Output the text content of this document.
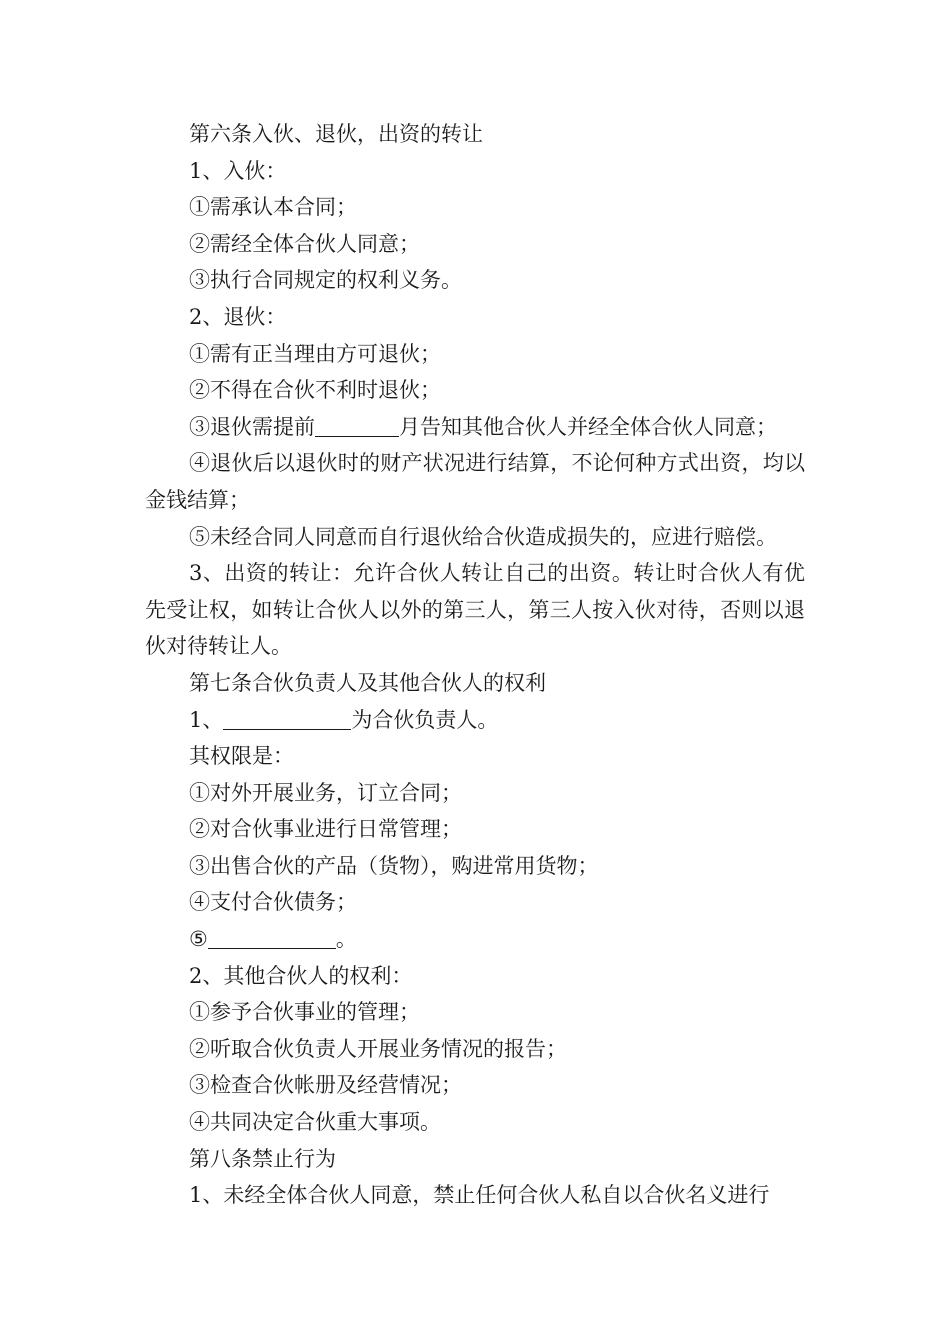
第六条入伙、退伙，出资的转让
1、入伙：
①需承认本合同；
②需经全体合伙人同意；
③执行合同规定的权利义务。
2、退伙：
①需有正当理由方可退伙；
②不得在合伙不利时退伙；
③退伙需提前	月告知其他合伙人并经全体合伙人同意；

④退伙后以退伙时的财产状况进行结算，不论何种方式出资，均以金钱结算；

⑤未经合同人同意而自行退伙给合伙造成损失的，应进行赔偿。

3、出资的转让：允许合伙人转让自己的出资。转让时合伙人有优先受让权，如转让合伙人以外的第三人，第三人按入伙对待，否则以退伙对待转让人。

第七条合伙负责人及其他合伙人的权利
1、	为合伙负责人。
其权限是：
①对外开展业务，订立合同；
②对合伙事业进行日常管理；
③出售合伙的产品（货物），购进常用货物；
④支付合伙债务；
⑤	。
2、其他合伙人的权利：
①参予合伙事业的管理；
②听取合伙负责人开展业务情况的报告；
③检查合伙帐册及经营情况；
④共同决定合伙重大事项。
第八条禁止行为
1、未经全体合伙人同意，禁止任何合伙人私自以合伙名义进行
